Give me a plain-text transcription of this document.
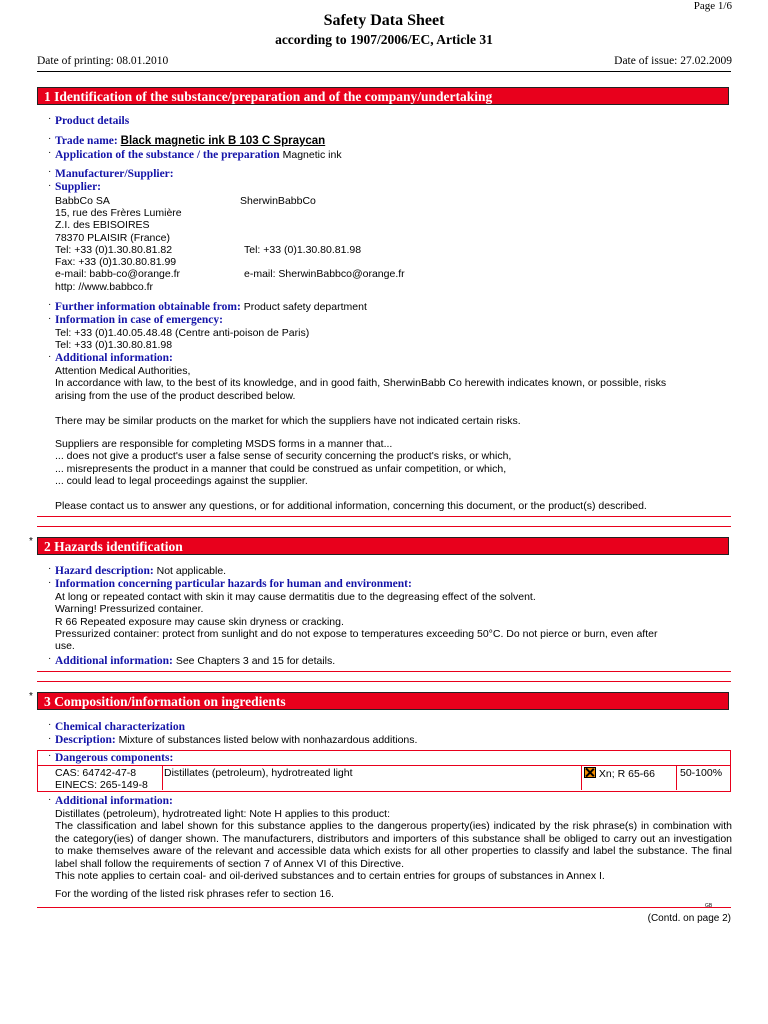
Page 1/6
Safety Data Sheet
according to 1907/2006/EC, Article 31
Date of printing: 08.01.2010	Date of issue: 27.02.2009
1 Identification of the substance/preparation and of the company/undertaking
· Product details
· Trade name: Black magnetic ink B 103 C Spraycan
· Application of the substance / the preparation Magnetic ink
· Manufacturer/Supplier:
· Supplier:
BabbCo SA	SherwinBabbCo
15, rue des Frères Lumière
Z.I. des EBISOIRES
78370 PLAISIR (France)
Tel: +33 (0)1.30.80.81.82	Tel: +33 (0)1.30.80.81.98
Fax: +33 (0)1.30.80.81.99
e-mail: babb-co@orange.fr	e-mail: SherwinBabbco@orange.fr
http: //www.babbco.fr
· Further information obtainable from: Product safety department
· Information in case of emergency:
Tel: +33 (0)1.40.05.48.48 (Centre anti-poison de Paris)
Tel: +33 (0)1.30.80.81.98
· Additional information:
Attention Medical Authorities,
In accordance with law, to the best of its knowledge, and in good faith, SherwinBabb Co herewith indicates known, or possible, risks
arising from the use of the product described below.
There may be similar products on the market for which the suppliers have not indicated certain risks.
Suppliers are responsible for completing MSDS forms in a manner that...
... does not give a product's user a false sense of security concerning the product's risks, or which,
... misrepresents the product in a manner that could be construed as unfair competition, or which,
... could lead to legal proceedings against the supplier.
Please contact us to answer any questions, or for additional information, concerning this document, or the product(s) described.
* 2 Hazards identification
· Hazard description: Not applicable.
· Information concerning particular hazards for human and environment:
At long or repeated contact with skin it may cause dermatitis due to the degreasing effect of the solvent.
Warning! Pressurized container.
R 66 Repeated exposure may cause skin dryness or cracking.
Pressurized container: protect from sunlight and do not expose to temperatures exceeding 50°C. Do not pierce or burn, even after
use.
· Additional information: See Chapters 3 and 15 for details.
* 3 Composition/information on ingredients
· Chemical characterization
· Description: Mixture of substances listed below with nonhazardous additions.
· Dangerous components:
CAS: 64742-47-8
EINECS: 265-149-8
Distillates (petroleum), hydrotreated light	Xn; R 65-66 50-100%
· Additional information:
Distillates (petroleum), hydrotreated light: Note H applies to this product:
The classification and label shown for this substance applies to the dangerous property(ies) indicated by the risk phrase(s) in combination with the category(ies) of danger shown. The manufacturers, distributors and importers of this substance shall be obliged to carry out an investigation to make themselves aware of the relevant and accessible data which exists for all other properties to classify and label the substance. The final label shall follow the requirements of section 7 of Annex VI of this Directive.
This note applies to certain coal- and oil-derived substances and to certain entries for groups of substances in Annex I.
For the wording of the listed risk phrases refer to section 16.
GB
(Contd. on page 2)
